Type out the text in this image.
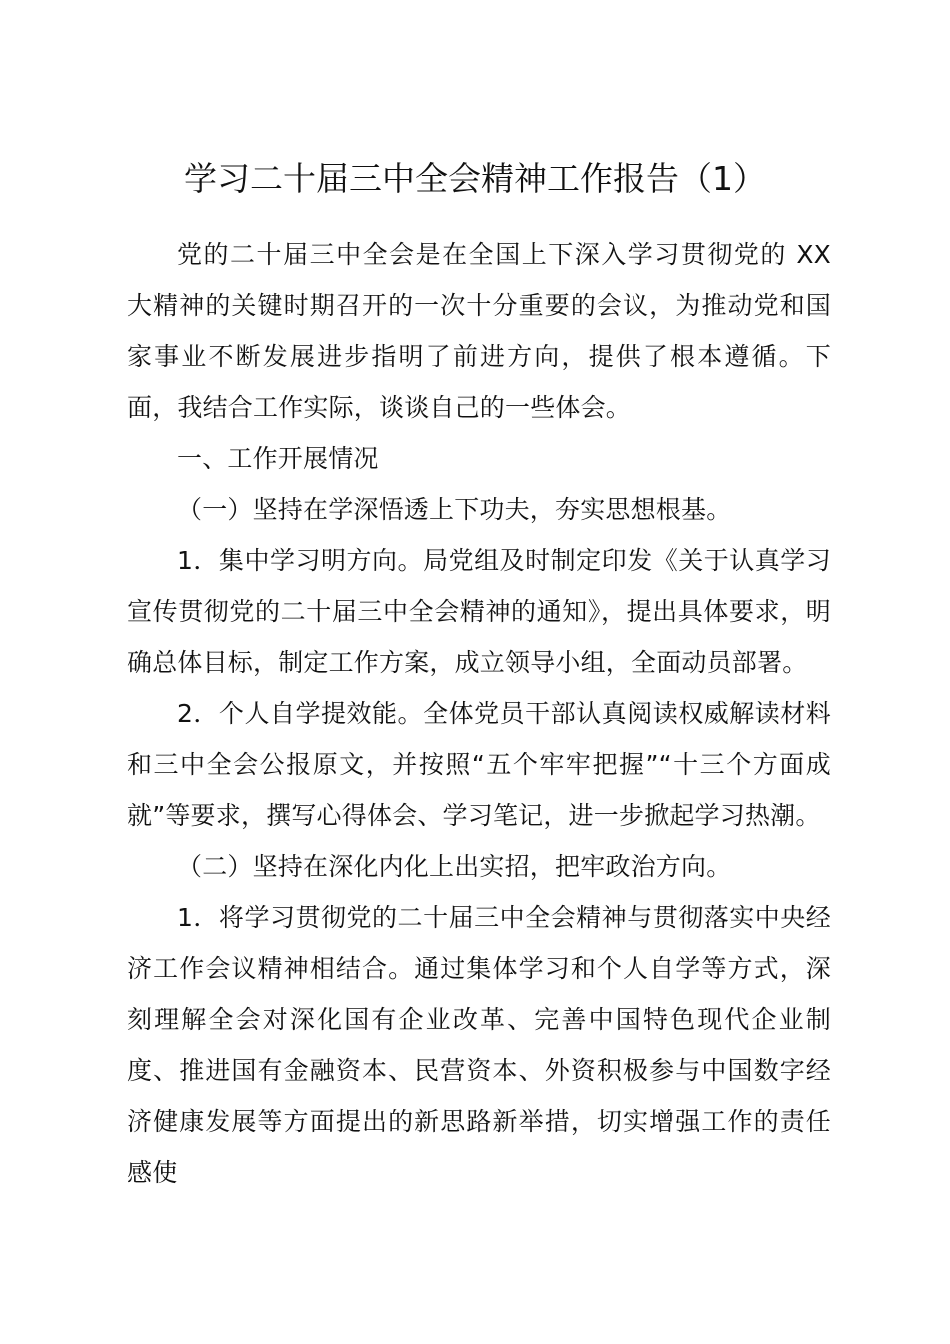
学习二十届三中全会精神工作报告（1）

党的二十届三中全会是在全国上下深入学习贯彻党的 XX 大精神的关键时期召开的一次十分重要的会议，为推动党和国家事业不断发展进步指明了前进方向，提供了根本遵循。下面，我结合工作实际，谈谈自己的一些体会。

一、工作开展情况

（一）坚持在学深悟透上下功夫，夯实思想根基。

1．集中学习明方向。局党组及时制定印发《关于认真学习宣传贯彻党的二十届三中全会精神的通知》，提出具体要求，明确总体目标，制定工作方案，成立领导小组，全面动员部署。

2．个人自学提效能。全体党员干部认真阅读权威解读材料和三中全会公报原文，并按照“五个牢牢把握”“十三个方面成就”等要求，撰写心得体会、学习笔记，进一步掀起学习热潮。

（二）坚持在深化内化上出实招，把牢政治方向。

1．将学习贯彻党的二十届三中全会精神与贯彻落实中央经济工作会议精神相结合。通过集体学习和个人自学等方式，深刻理解全会对深化国有企业改革、完善中国特色现代企业制度、推进国有金融资本、民营资本、外资积极参与中国数字经济健康发展等方面提出的新思路新举措，切实增强工作的责任感使
